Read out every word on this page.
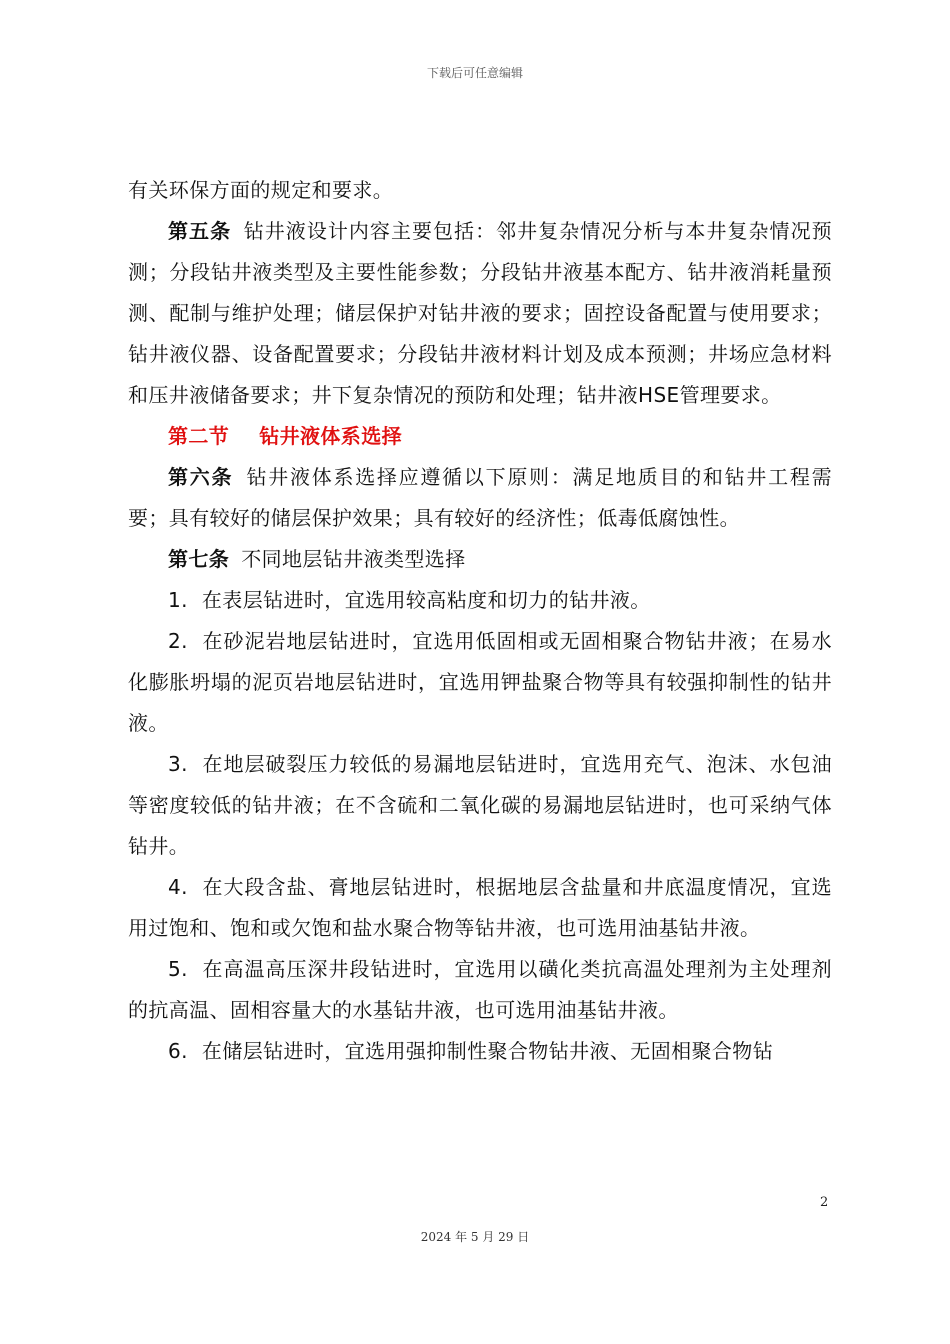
下载后可任意编辑

有关环保方面的规定和要求。

第五条 钻井液设计内容主要包括：邻井复杂情况分析与本井复杂情况预测；分段钻井液类型及主要性能参数；分段钻井液基本配方、钻井液消耗量预测、配制与维护处理；储层保护对钻井液的要求；固控设备配置与使用要求；钻井液仪器、设备配置要求；分段钻井液材料计划及成本预测；井场应急材料和压井液储备要求；井下复杂情况的预防和处理；钻井液HSE管理要求。

第二节 钻井液体系选择

第六条 钻井液体系选择应遵循以下原则：满足地质目的和钻井工程需要；具有较好的储层保护效果；具有较好的经济性；低毒低腐蚀性。

第七条 不同地层钻井液类型选择

1. 在表层钻进时，宜选用较高粘度和切力的钻井液。

2. 在砂泥岩地层钻进时，宜选用低固相或无固相聚合物钻井液；在易水化膨胀坍塌的泥页岩地层钻进时，宜选用钾盐聚合物等具有较强抑制性的钻井液。

3. 在地层破裂压力较低的易漏地层钻进时，宜选用充气、泡沫、水包油等密度较低的钻井液；在不含硫和二氧化碳的易漏地层钻进时，也可采纳气体钻井。

4. 在大段含盐、膏地层钻进时，根据地层含盐量和井底温度情况，宜选用过饱和、饱和或欠饱和盐水聚合物等钻井液，也可选用油基钻井液。

5. 在高温高压深井段钻进时，宜选用以磺化类抗高温处理剂为主处理剂的抗高温、固相容量大的水基钻井液，也可选用油基钻井液。

6. 在储层钻进时，宜选用强抑制性聚合物钻井液、无固相聚合物钻

2
2024 年 5 月 29 日
